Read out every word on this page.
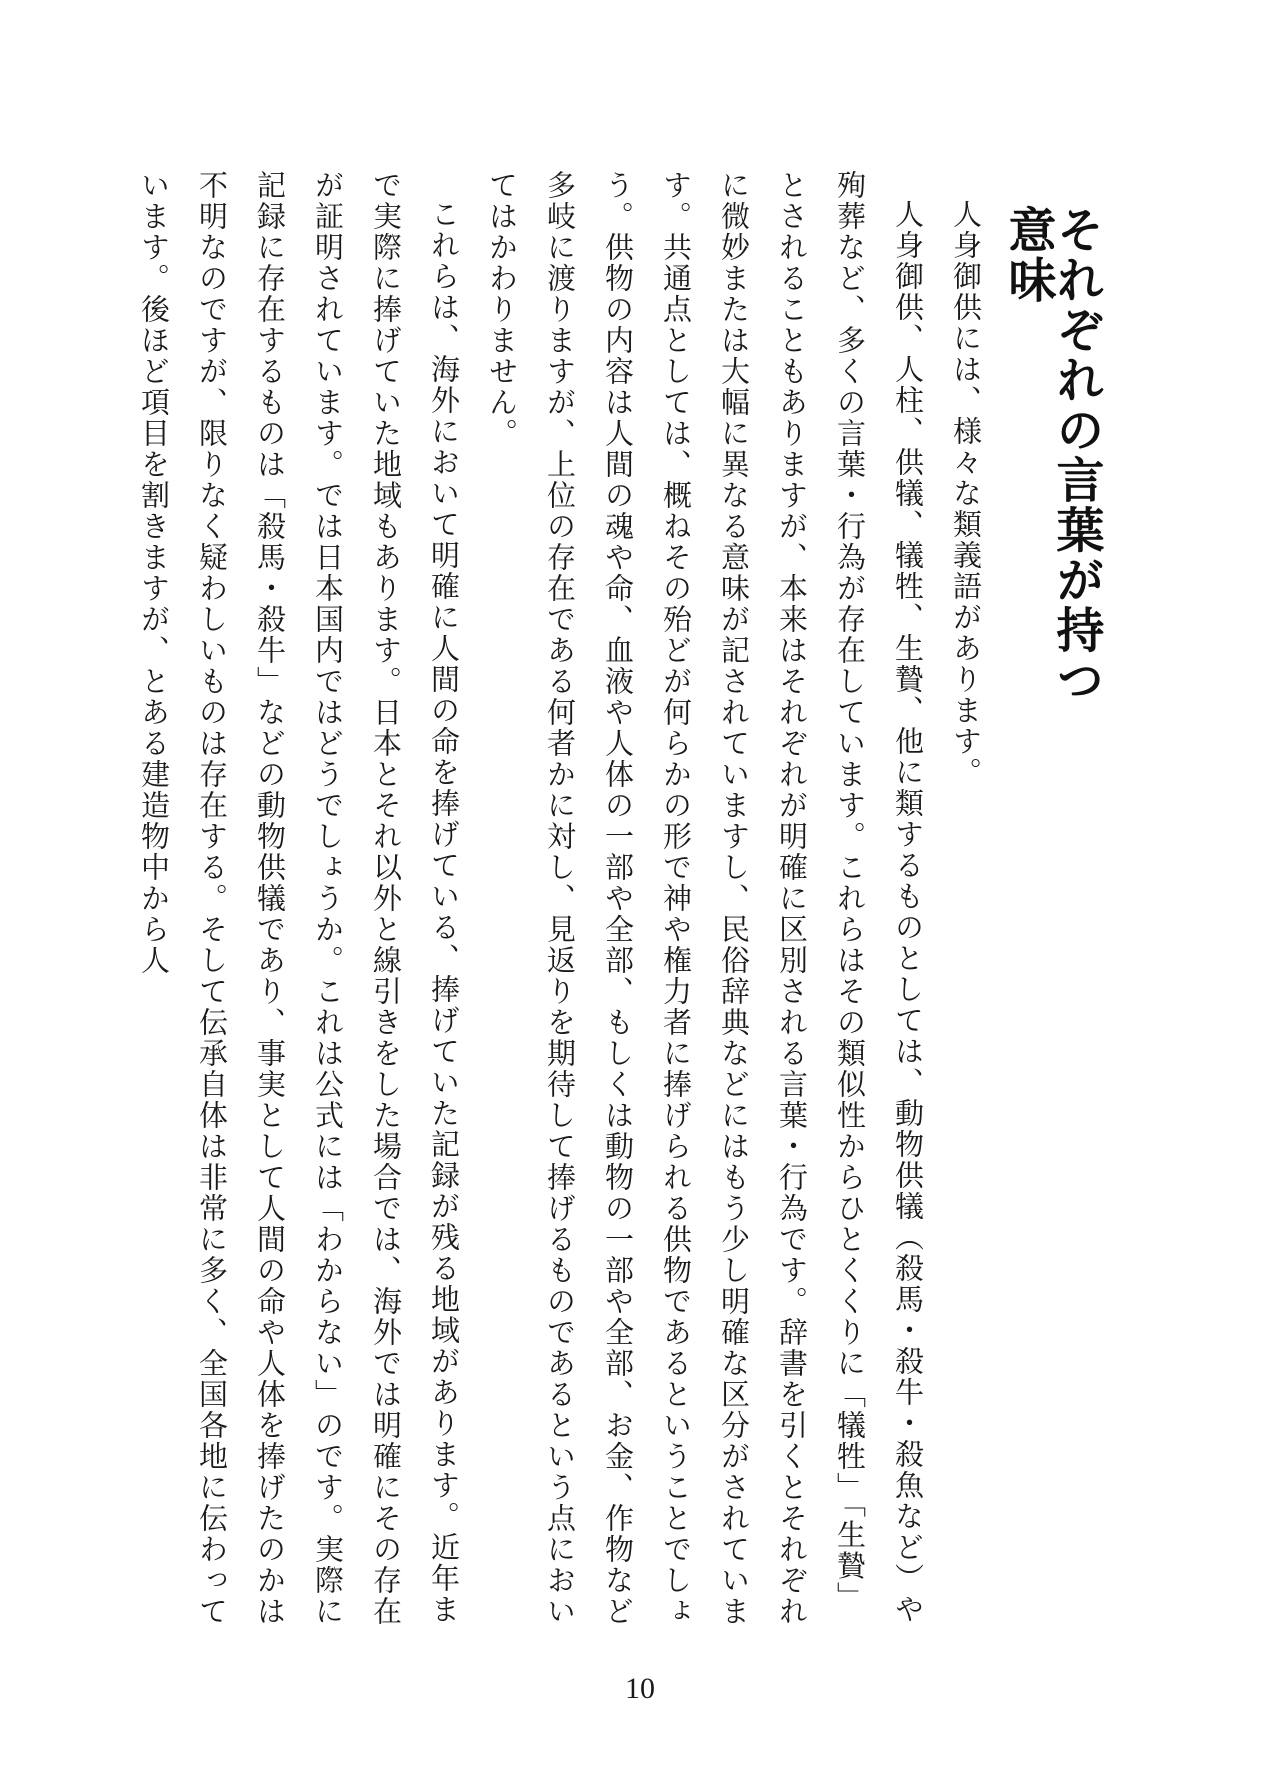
それぞれの言葉が持つ意味

人身御供には、様々な類義語があります。

人身御供、人柱、供犠、犠牲、生贄、他に類するものとしては、動物供犠（殺馬・殺牛・殺魚など）や殉葬など、多くの言葉・行為が存在しています。これらはその類似性からひとくくりに「犠牲」「生贄」とされることもありますが、本来はそれぞれが明確に区別される言葉・行為です。辞書を引くとそれぞれに微妙または大幅に異なる意味が記されていますし、民俗辞典などにはもう少し明確な区分がされています。共通点としては、概ねその殆どが何らかの形で神や権力者に捧げられる供物であるということでしょう。供物の内容は人間の魂や命、血液や人体の一部や全部、もしくは動物の一部や全部、お金、作物など多岐に渡りますが、上位の存在である何者かに対し、見返りを期待して捧げるものであるという点においてはかわりません。

これらは、海外において明確に人間の命を捧げている、捧げていた記録が残る地域があります。近年まで実際に捧げていた地域もあります。日本とそれ以外と線引きをした場合では、海外では明確にその存在が証明されています。では日本国内ではどうでしょうか。これは公式には「わからない」のです。実際に記録に存在するものは「殺馬・殺牛」などの動物供犠であり、事実として人間の命や人体を捧げたのかは不明なのですが、限りなく疑わしいものは存在する。そして伝承自体は非常に多く、全国各地に伝わっています。後ほど項目を割きますが、とある建造物中から人

10
